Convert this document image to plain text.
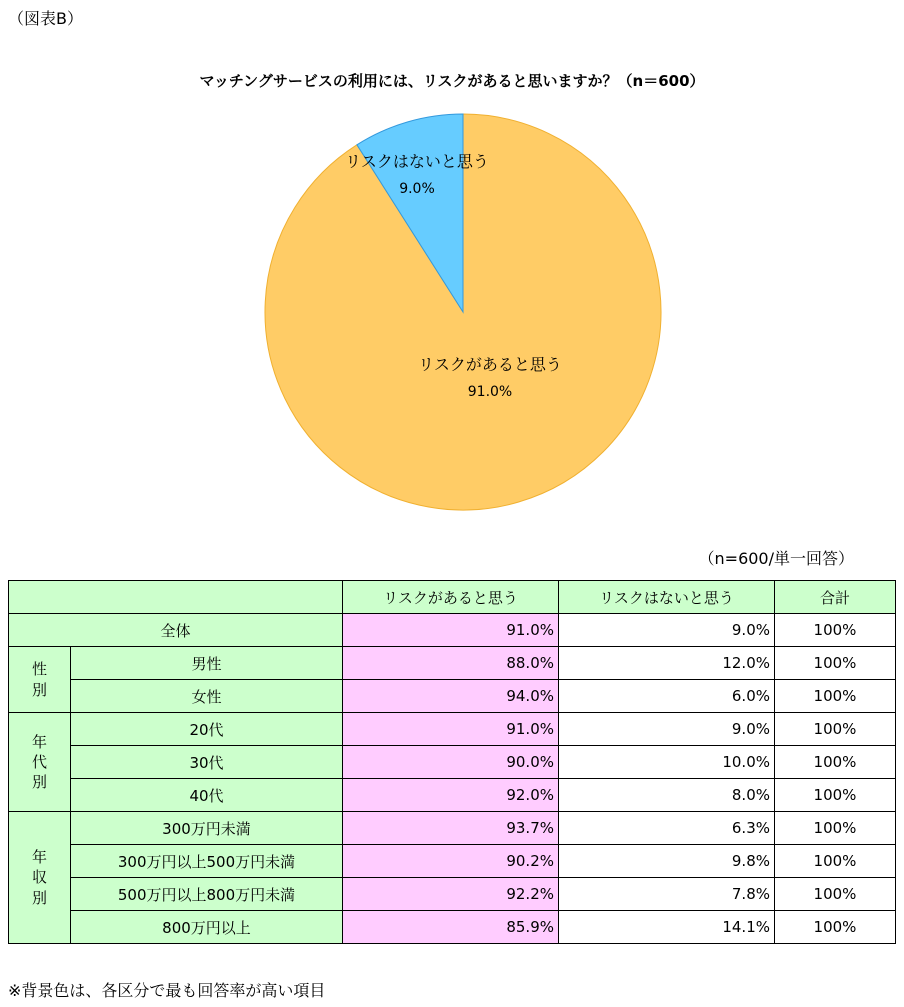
（図表B）
マッチングサービスの利用には、リスクがあると思いますか？（n＝600）
リスクはないと思う
9.0%
リスクがあると思う
91.0%
（n=600/単一回答）
		リスクがあると思う	リスクはないと思う	合計
全体		91.0%	9.0%	100%
性
別	男性	88.0%	12.0%	100%
	女性	94.0%	6.0%	100%
年
代
別	20代	91.0%	9.0%	100%
	30代	90.0%	10.0%	100%
	40代	92.0%	8.0%	100%
年
収
別	300万円未満	93.7%	6.3%	100%
	300万円以上500万円未満	90.2%	9.8%	100%
	500万円以上800万円未満	92.2%	7.8%	100%
	800万円以上	85.9%	14.1%	100%
※背景色は、各区分で最も回答率が高い項目
